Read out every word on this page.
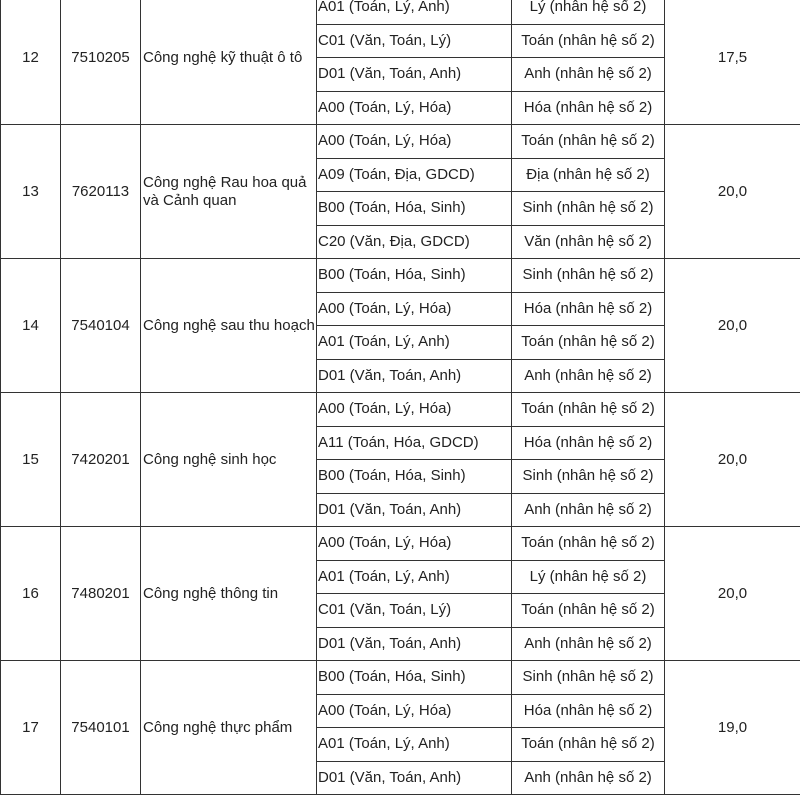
12	7510205	Công nghệ kỹ thuật ô tô	A01 (Toán, Lý, Anh)	Lý (nhân hệ số 2)	17,5
			C01 (Văn, Toán, Lý)	Toán (nhân hệ số 2)	
			D01 (Văn, Toán, Anh)	Anh (nhân hệ số 2)	
			A00 (Toán, Lý, Hóa)	Hóa (nhân hệ số 2)	
13	7620113	Công nghệ Rau hoa quả và Cảnh quan	A00 (Toán, Lý, Hóa)	Toán (nhân hệ số 2)	20,0
			A09 (Toán, Địa, GDCD)	Địa (nhân hệ số 2)	
			B00 (Toán, Hóa, Sinh)	Sinh (nhân hệ số 2)	
			C20 (Văn, Địa, GDCD)	Văn (nhân hệ số 2)	
14	7540104	Công nghệ sau thu hoạch	B00 (Toán, Hóa, Sinh)	Sinh (nhân hệ số 2)	20,0
			A00 (Toán, Lý, Hóa)	Hóa (nhân hệ số 2)	
			A01 (Toán, Lý, Anh)	Toán (nhân hệ số 2)	
			D01 (Văn, Toán, Anh)	Anh (nhân hệ số 2)	
15	7420201	Công nghệ sinh học	A00 (Toán, Lý, Hóa)	Toán (nhân hệ số 2)	20,0
			A11 (Toán, Hóa, GDCD)	Hóa (nhân hệ số 2)	
			B00 (Toán, Hóa, Sinh)	Sinh (nhân hệ số 2)	
			D01 (Văn, Toán, Anh)	Anh (nhân hệ số 2)	
16	7480201	Công nghệ thông tin	A00 (Toán, Lý, Hóa)	Toán (nhân hệ số 2)	20,0
			A01 (Toán, Lý, Anh)	Lý (nhân hệ số 2)	
			C01 (Văn, Toán, Lý)	Toán (nhân hệ số 2)	
			D01 (Văn, Toán, Anh)	Anh (nhân hệ số 2)	
17	7540101	Công nghệ thực phẩm	B00 (Toán, Hóa, Sinh)	Sinh (nhân hệ số 2)	19,0
			A00 (Toán, Lý, Hóa)	Hóa (nhân hệ số 2)	
			A01 (Toán, Lý, Anh)	Toán (nhân hệ số 2)	
			D01 (Văn, Toán, Anh)	Anh (nhân hệ số 2)	
